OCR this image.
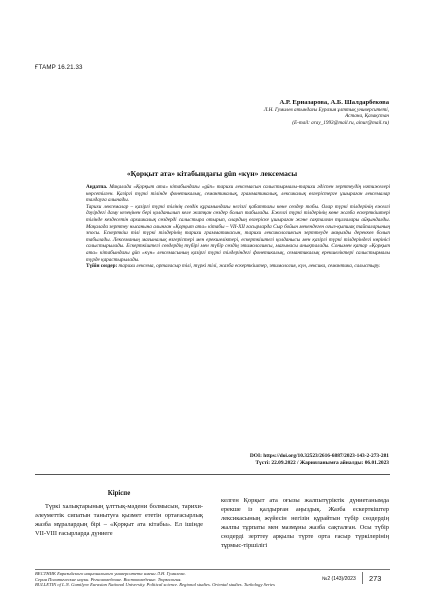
ҒТАМР 16.21.33
А.Р. Ерназарова, А.Б. Шалдарбекова
Л.Н. Гумилев атындағы Еуразия ұлттық университеті,
Астана, Қазақстан
(E-mail: aray_1993@mail.ru, ainur@mail.ru)
«Қорқыт ата» кітабындағы gün «күн» лексемасы

Аңдатпа. Мақалада «Қорқыт ата» кітабындағы «gün» тарихи лексемасын салыстырмалы-тарихи әдіспен зерттеудің нәтижелері көрсетілген. Қазіргі түркі тілінде фонетикалық, семантикалық, грамматикалық, лексикалық өзгерістерге ұшыраған лексемалар талдауға алынады.

Тарихи лексемалар – қазіргі түркі тілінің сөздік құрамындағы негізгі қабаттағы көне сөздер тобы. Олар түркі тілдерінің ежелгі дәуірдегі даму кезеңінен бері қолданылып келе жатқан сөздер болып табылады. Ежелгі түркі тілдерінің көне жазба ескерткіштері тілінде кездесетін архаикалық сөздерді салыстыра отырып, олардың өзгеріске ұшыраған және сақталған тұлғалары айқындалды. Мақалада зерттеу нысанына алынған «Қорқыт ата» кітабы – VII-XII ғасырларда Сыр бойын мекендеген оғыз-қыпшақ тайпаларының эпосы. Ескерткіш тілі түркі тілдерінің тарихи грамматикасын, тарихи лексикологиясын зерттеуде маңызды дереккөз болып табылады. Лексеманың мағыналық өзгерістері мен ерекшеліктері, ескерткіштегі қолданысы мен қазіргі түркі тілдеріндегі көрінісі салыстырылады. Ескерткіштегі сөздердің түбірі мен түбір сөздің этимологиясы, мағынасы анықталады. Сонымен қатар «Қорқыт ата» кітабындағы gün «күн» лексемасының қазіргі түркі тілдеріндегі фонетикалық, семантикалық ерекшеліктері салыстырмалы түрде қарастырылады.

Түйін сөздер: тарихи лексема, ортағасыр тілі, түркі тілі, жазба ескерткіштер, этимология, күн, лексика, семантика, салыстыру.

DOI: https://doi.org/10.32523/2616-6887/2023-143-2-273-281
Түсті: 22.09.2022 / Жарияланымға айналды: 06.01.2023
Кіріспе

Түркі халықтарының ұлттық-мәдени болмысын, тарихи-әлеуметтік сипатын танытуға қызмет ететін ортағасырлық жазба мұралардың бірі – «Қорқыт ата кітабы». Ел ішінде VII-VIII ғасырларда дүниеге

келген Қорқыт ата оғызы жалпытүріктік дүниетанымда ерекше із қалдырған аңыздық. Жазба ескерткіштер лексикасының жүйесін негізін құрайтын түбір сөздердің жалпы тұрпаты мен мазмұны жазба сақталған. Осы түбір сөздерді зерттеу арқылы түрте орта ғасыр түркілерінің тұрмыс-тіршілігі

ВЕСТНИК Евразийского национального университета имени Л.Н. Гумилева.
Серия Политические науки. Регионоведение. Востоковедение. Тюркология.
BULLETIN of L.N. Gumilyov Eurasian National University. Political science. Regional studies. Oriental studies. Turkology Series
№2 (143)/2023 273
